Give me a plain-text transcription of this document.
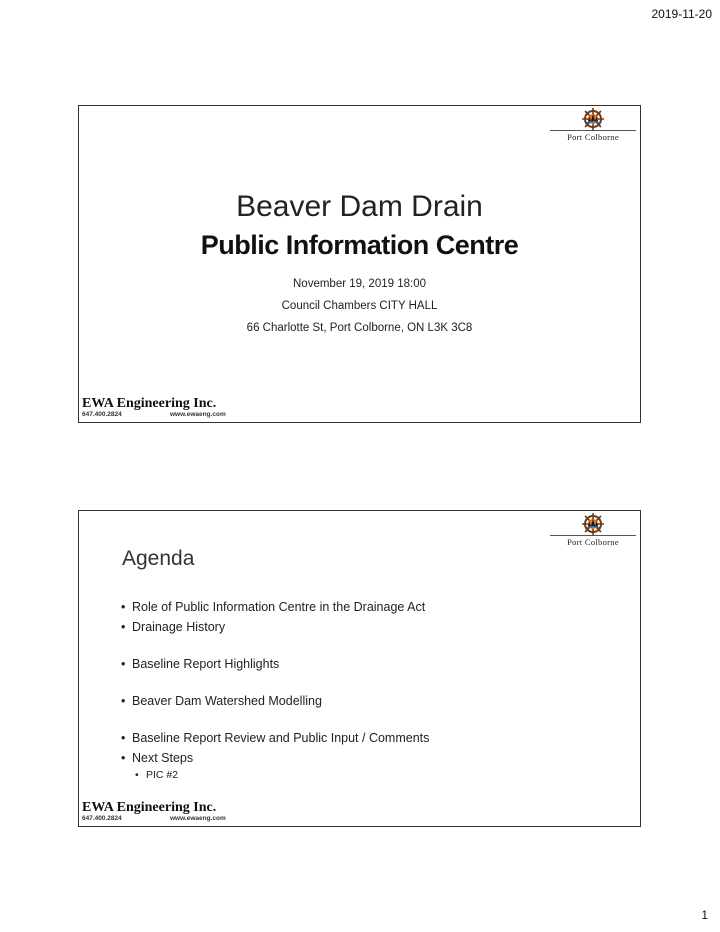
2019-11-20
Port Colborne
Beaver Dam Drain
Public Information Centre
November 19, 2019 18:00
Council Chambers CITY HALL
66 Charlotte St, Port Colborne, ON L3K 3C8
EWA Engineering Inc.
647.400.2824	www.ewaeng.com
Port Colborne
Agenda
• Role of Public Information Centre in the Drainage Act
• Drainage History
• Baseline Report Highlights
• Beaver Dam Watershed Modelling
• Baseline Report Review and Public Input / Comments
• Next Steps
• PIC #2
EWA Engineering Inc.
647.400.2824	www.ewaeng.com
1
